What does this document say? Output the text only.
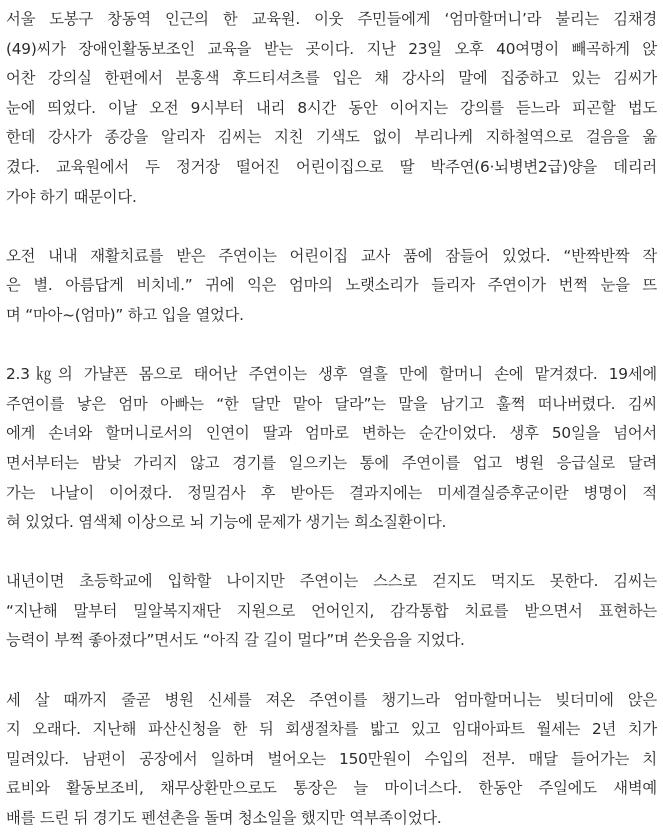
서울 도봉구 창동역 인근의 한 교육원. 이웃 주민들에게 ‘엄마할머니’라 불리는 김채경
(49)씨가 장애인활동보조인 교육을 받는 곳이다. 지난 23일 오후 40여명이 빼곡하게 앉
어찬 강의실 한편에서 분홍색 후드티셔츠를 입은 채 강사의 말에 집중하고 있는 김씨가
눈에 띄었다. 이날 오전 9시부터 내리 8시간 동안 이어지는 강의를 듣느라 피곤할 법도
한데 강사가 종강을 알리자 김씨는 지친 기색도 없이 부리나케 지하철역으로 걸음을 옮
겼다. 교육원에서 두 정거장 떨어진 어린이집으로 딸 박주연(6·뇌병변2급)양을 데리러
가야 하기 때문이다.
오전 내내 재활치료를 받은 주연이는 어린이집 교사 품에 잠들어 있었다. “반짝반짝 작
은 별. 아름답게 비치네.” 귀에 익은 엄마의 노랫소리가 들리자 주연이가 번쩍 눈을 뜨
며 “마아~(엄마)” 하고 입을 열었다.
2.3㎏의 가냘픈 몸으로 태어난 주연이는 생후 열흘 만에 할머니 손에 맡겨졌다. 19세에
주연이를 낳은 엄마 아빠는 “한 달만 맡아 달라”는 말을 남기고 훌쩍 떠나버렸다. 김씨
에게 손녀와 할머니로서의 인연이 딸과 엄마로 변하는 순간이었다. 생후 50일을 넘어서
면서부터는 밤낮 가리지 않고 경기를 일으키는 통에 주연이를 업고 병원 응급실로 달려
가는 나날이 이어졌다. 정밀검사 후 받아든 결과지에는 미세결실증후군이란 병명이 적
혀 있었다. 염색체 이상으로 뇌 기능에 문제가 생기는 희소질환이다.
내년이면 초등학교에 입학할 나이지만 주연이는 스스로 걷지도 먹지도 못한다. 김씨는
“지난해 말부터 밀알복지재단 지원으로 언어인지, 감각통합 치료를 받으면서 표현하는
능력이 부쩍 좋아졌다”면서도 “아직 갈 길이 멀다”며 쓴웃음을 지었다.
세 살 때까지 줄곧 병원 신세를 져온 주연이를 챙기느라 엄마할머니는 빚더미에 앉은
지 오래다. 지난해 파산신청을 한 뒤 회생절차를 밟고 있고 임대아파트 월세는 2년 치가
밀려있다. 남편이 공장에서 일하며 벌어오는 150만원이 수입의 전부. 매달 들어가는 치
료비와 활동보조비, 채무상환만으로도 통장은 늘 마이너스다. 한동안 주일에도 새벽예
배를 드린 뒤 경기도 펜션촌을 돌며 청소일을 했지만 역부족이었다.
